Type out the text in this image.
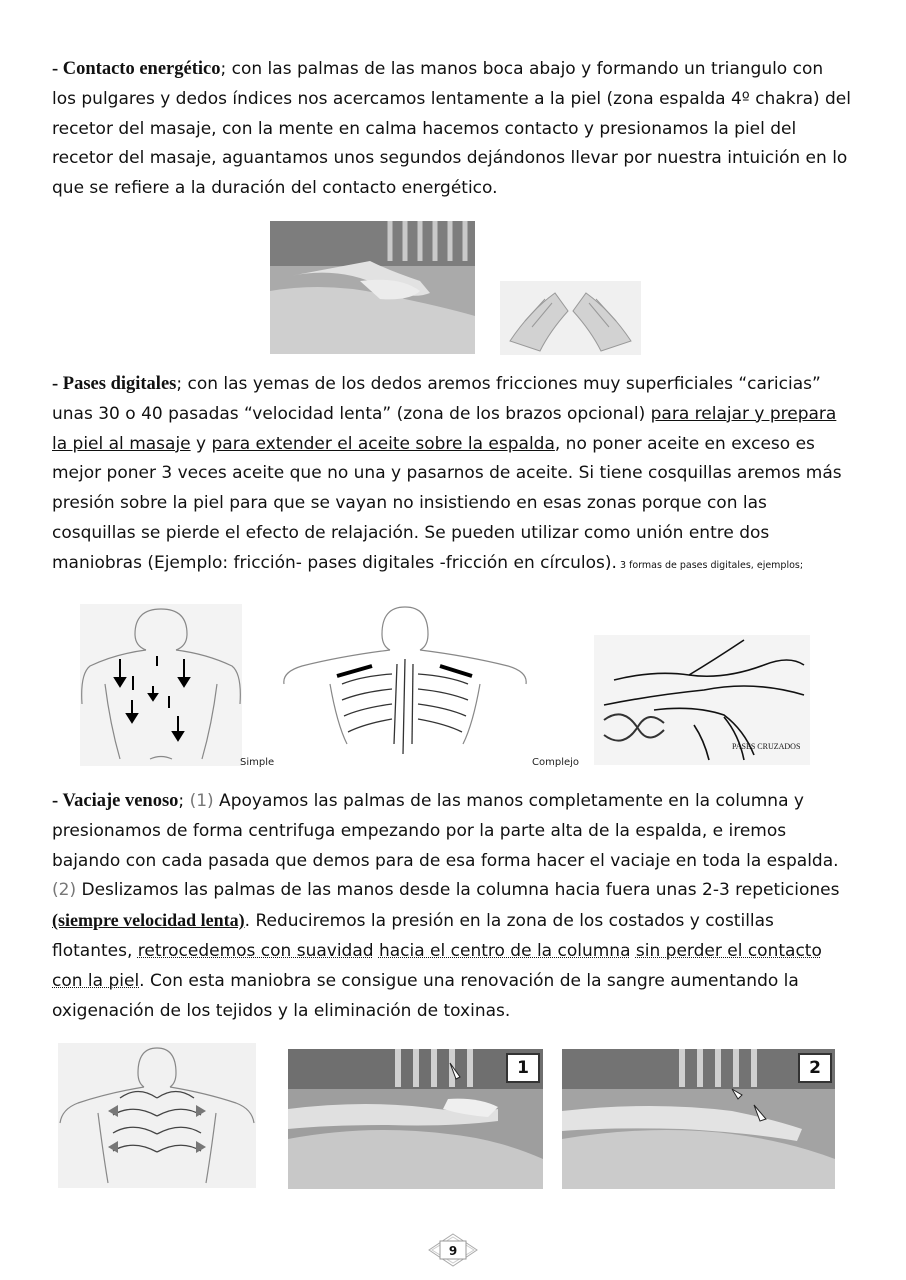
- Contacto energético; con las palmas de las manos boca abajo y formando un triangulo con los pulgares y dedos índices nos acercamos lentamente a la piel (zona espalda 4º chakra) del recetor del masaje, con la mente en calma hacemos contacto y presionamos la piel del recetor del masaje, aguantamos unos segundos dejándonos llevar por nuestra intuición en lo que se refiere a la duración del contacto energético.
- Pases digitales; con las yemas de los dedos aremos fricciones muy superficiales “caricias” unas 30 o 40 pasadas “velocidad lenta” (zona de los brazos opcional) para relajar y prepara la piel al masaje y para extender el aceite sobre la espalda, no poner aceite en exceso es mejor poner 3 veces aceite que no una y pasarnos de aceite. Si tiene cosquillas aremos más presión sobre la piel para que se vayan no insistiendo en esas zonas porque con las cosquillas se pierde el efecto de relajación. Se pueden utilizar como unión entre dos maniobras (Ejemplo: fricción- pases digitales -fricción en círculos). 3 formas de pases digitales, ejemplos;
Simple	Complejo
PASES CRUZADOS
- Vaciaje venoso; (1) Apoyamos las palmas de las manos completamente en la columna y presionamos de forma centrifuga empezando por la parte alta de la espalda, e iremos bajando con cada pasada que demos para de esa forma hacer el vaciaje en toda la espalda. (2) Deslizamos las palmas de las manos desde la columna hacia fuera unas 2-3 repeticiones (siempre velocidad lenta). Reduciremos la presión en la zona de los costados y costillas flotantes, retrocedemos con suavidad hacia el centro de la columna sin perder el contacto con la piel. Con esta maniobra se consigue una renovación de la sangre aumentando la oxigenación de los tejidos y la eliminación de toxinas.
1	2
9
